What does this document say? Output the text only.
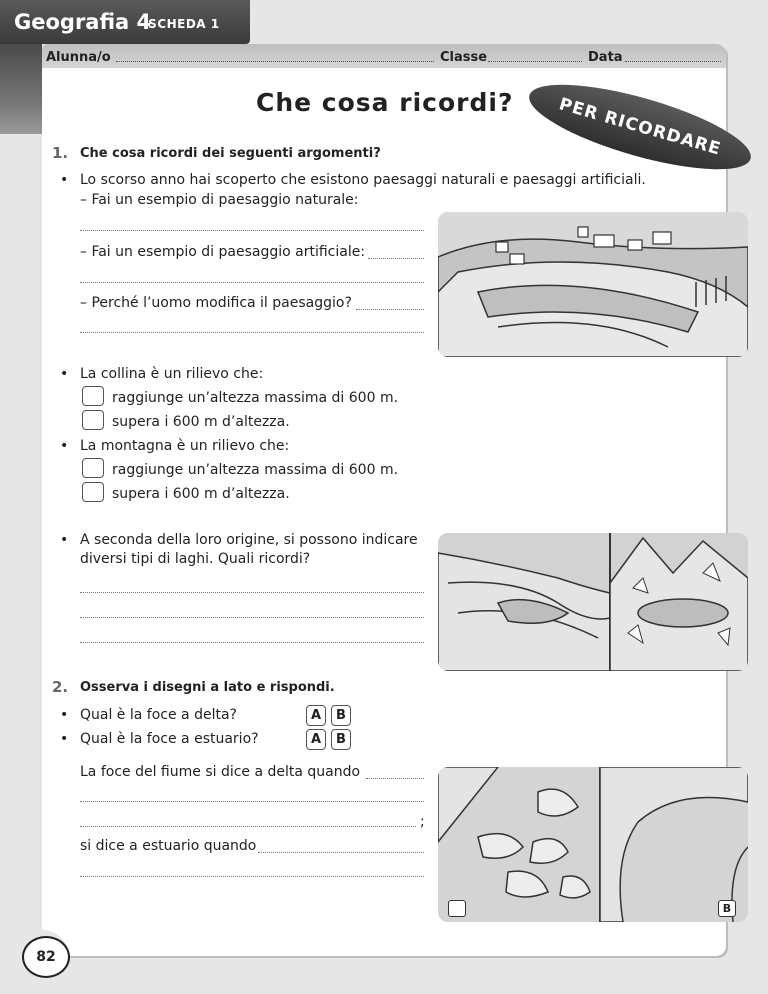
Geografia 4
- SCHEDA 1
Alunna/o	Classe	Data
Che cosa ricordi?	PER RICORDARE
1. Che cosa ricordi dei seguenti argomenti?
• Lo scorso anno hai scoperto che esistono paesaggi naturali e paesaggi artificiali.
– Fai un esempio di paesaggio naturale:
– Fai un esempio di paesaggio artificiale:
– Perché l’uomo modifica il paesaggio?
• La collina è un rilievo che:
raggiunge un’altezza massima di 600 m.
supera i 600 m d’altezza.
• La montagna è un rilievo che:
raggiunge un’altezza massima di 600 m.
supera i 600 m d’altezza.
• A seconda della loro origine, si possono indicare
diversi tipi di laghi. Quali ricordi?
2. Osserva i disegni a lato e rispondi.
• Qual è la foce a delta?	A	B
• Qual è la foce a estuario?	A	B
La foce del fiume si dice a delta quando
;
si dice a estuario quando
B
82
